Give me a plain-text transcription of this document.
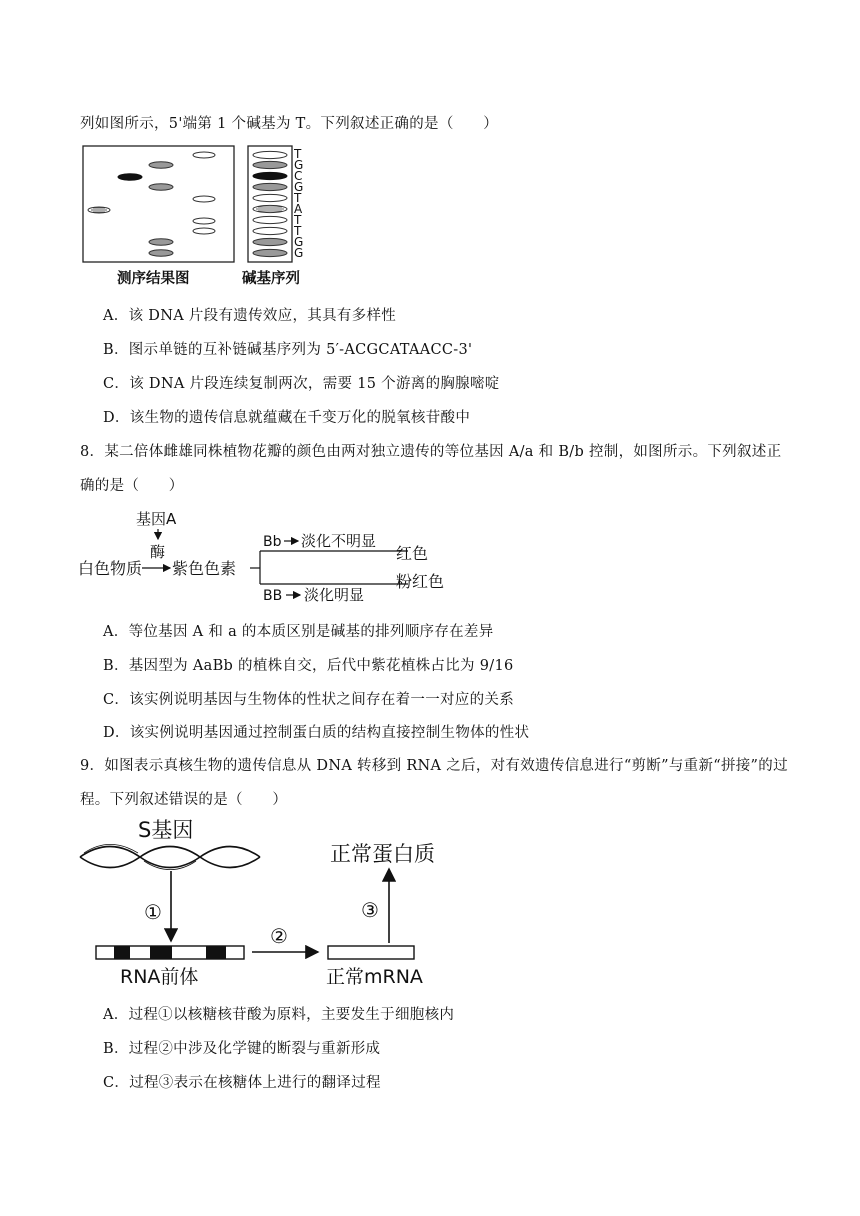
列如图所示，5'端第 1 个碱基为 T。下列叙述正确的是（　　）
T
G
C
G
T
A
T
T
G
G
测序结果图	碱基序列
A．该 DNA 片段有遗传效应，其具有多样性
B．图示单链的互补链碱基序列为 5′-ACGCATAACC-3'
C．该 DNA 片段连续复制两次，需要 15 个游离的胸腺嘧啶
D．该生物的遗传信息就蕴藏在千变万化的脱氧核苷酸中
8．某二倍体雌雄同株植物花瓣的颜色由两对独立遗传的等位基因 A/a 和 B/b 控制，如图所示。下列叙述正
确的是（　　）
基因A
酶
白色物质 紫色色素
Bb 淡化不明显
红色
BB 淡化明显
粉红色
A．等位基因 A 和 a 的本质区别是碱基的排列顺序存在差异
B．基因型为 AaBb 的植株自交，后代中紫花植株占比为 9/16
C．该实例说明基因与生物体的性状之间存在着一一对应的关系
D．该实例说明基因通过控制蛋白质的结构直接控制生物体的性状
9．如图表示真核生物的遗传信息从 DNA 转移到 RNA 之后，对有效遗传信息进行“剪断”与重新“拼接”的过
程。下列叙述错误的是（　　）
S基因
①
RNA前体
②
正常mRNA
③
正常蛋白质
A．过程①以核糖核苷酸为原料，主要发生于细胞核内
B．过程②中涉及化学键的断裂与重新形成
C．过程③表示在核糖体上进行的翻译过程
